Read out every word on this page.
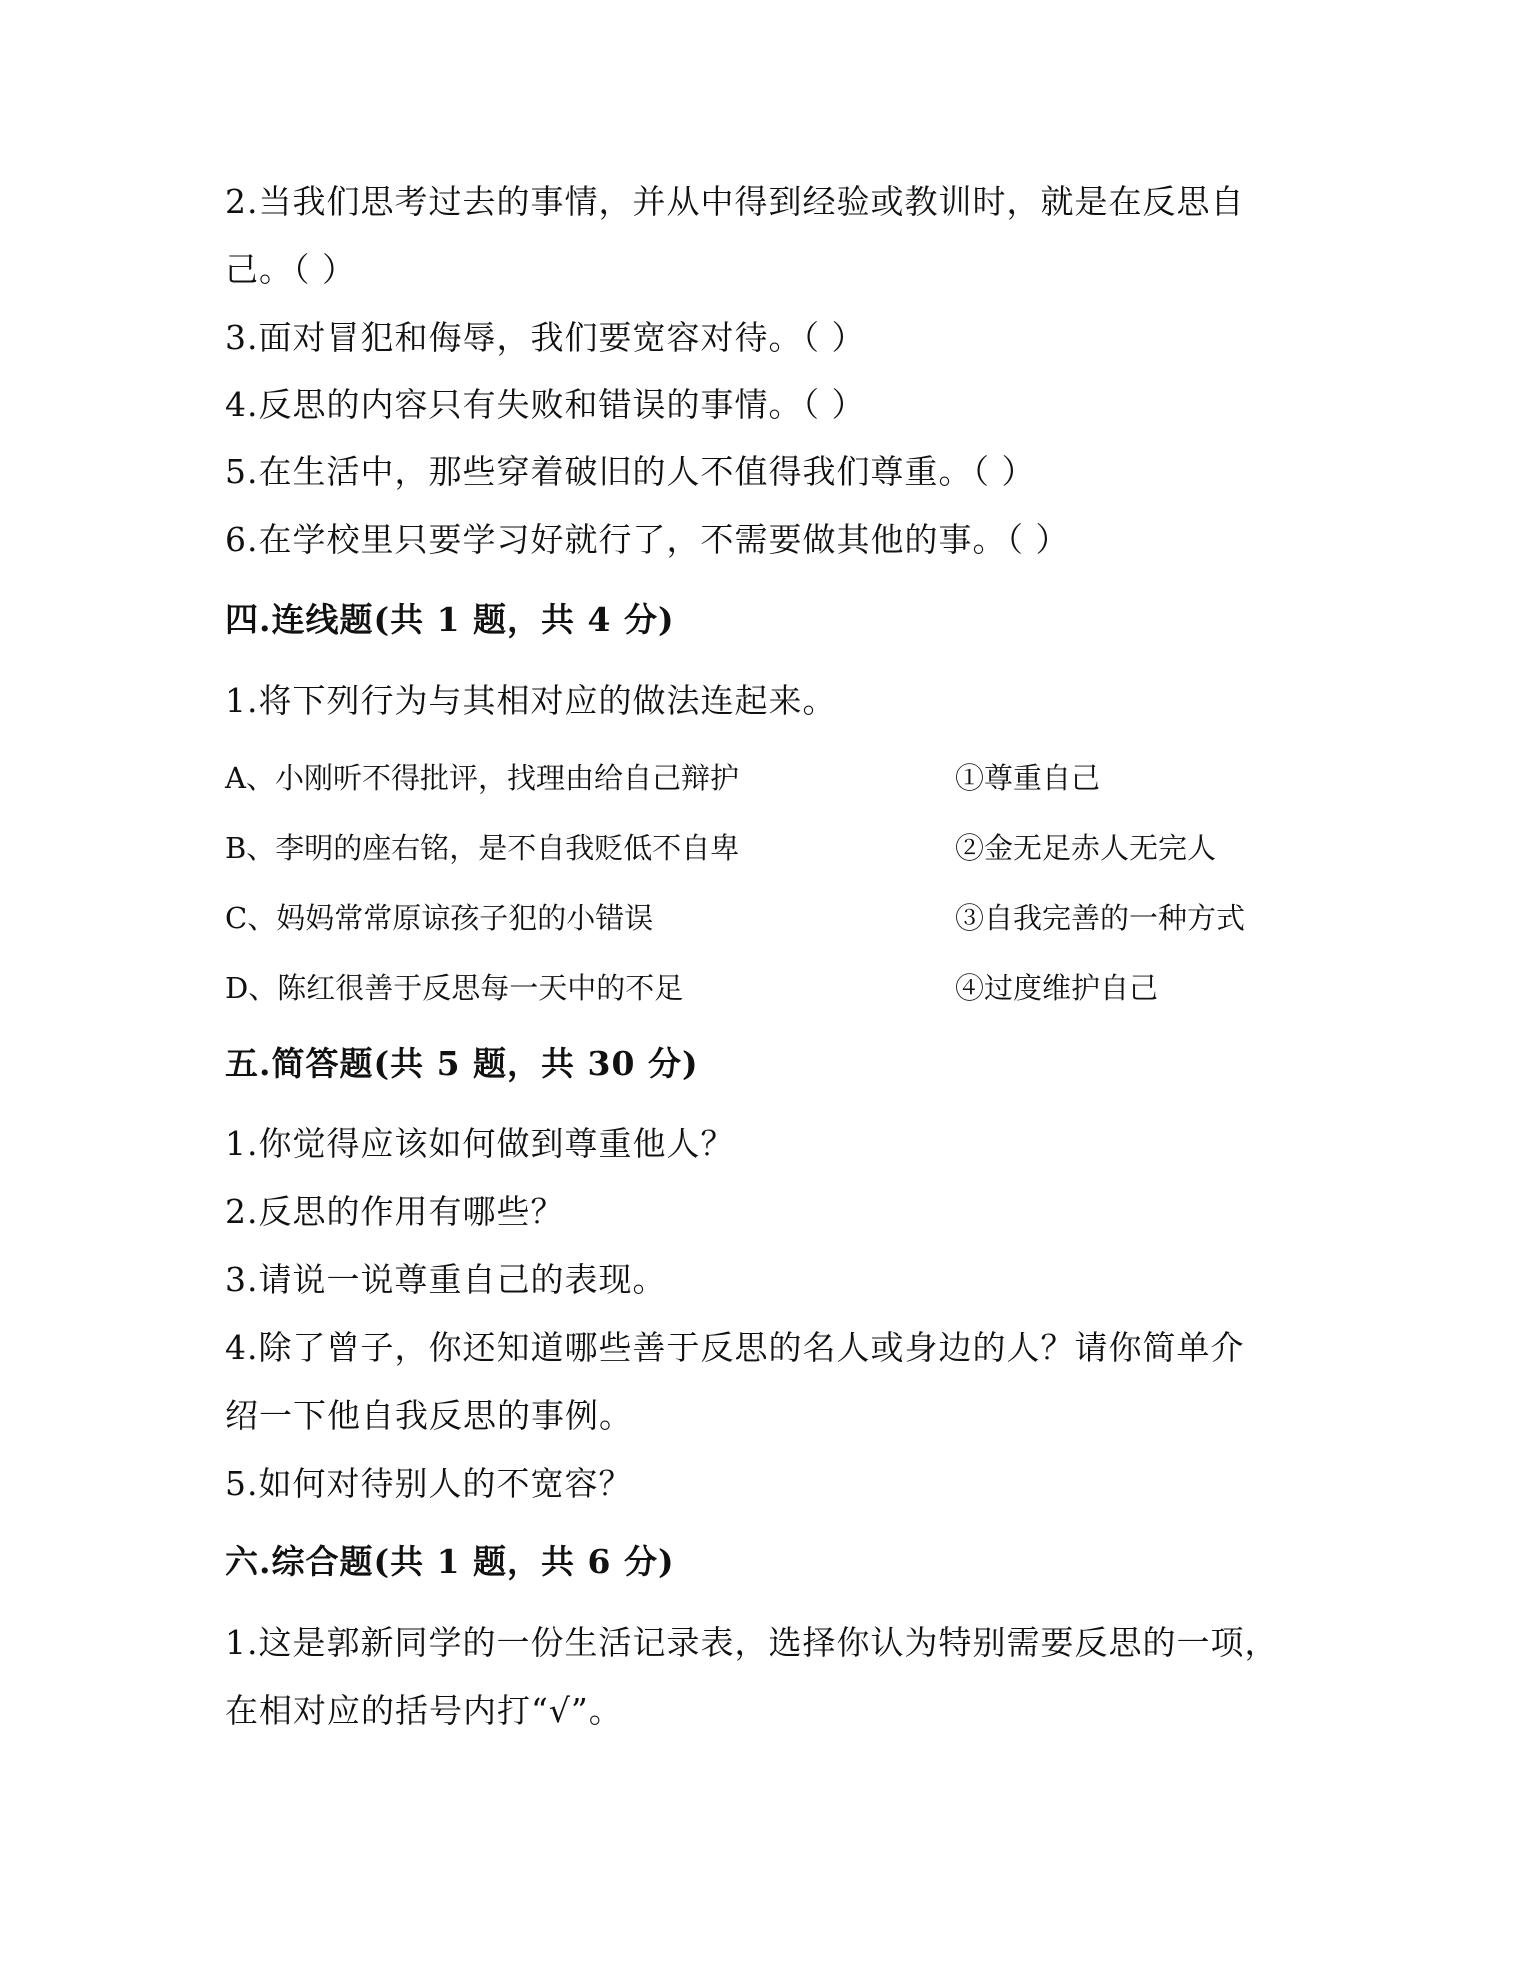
2.当我们思考过去的事情，并从中得到经验或教训时，就是在反思自
己。（ ）
3.面对冒犯和侮辱，我们要宽容对待。（ ）
4.反思的内容只有失败和错误的事情。（ ）
5.在生活中，那些穿着破旧的人不值得我们尊重。（ ）
6.在学校里只要学习好就行了，不需要做其他的事。（ ）
四.连线题(共 1 题，共 4 分)
1.将下列行为与其相对应的做法连起来。
A、小刚听不得批评，找理由给自己辩护	①尊重自己
B、李明的座右铭，是不自我贬低不自卑	②金无足赤人无完人
C、妈妈常常原谅孩子犯的小错误	③自我完善的一种方式
D、陈红很善于反思每一天中的不足	④过度维护自己
五.简答题(共 5 题，共 30 分)
1.你觉得应该如何做到尊重他人？
2.反思的作用有哪些？
3.请说一说尊重自己的表现。
4.除了曾子，你还知道哪些善于反思的名人或身边的人？请你简单介
绍一下他自我反思的事例。
5.如何对待别人的不宽容？
六.综合题(共 1 题，共 6 分)
1.这是郭新同学的一份生活记录表，选择你认为特别需要反思的一项，
在相对应的括号内打“√”。
